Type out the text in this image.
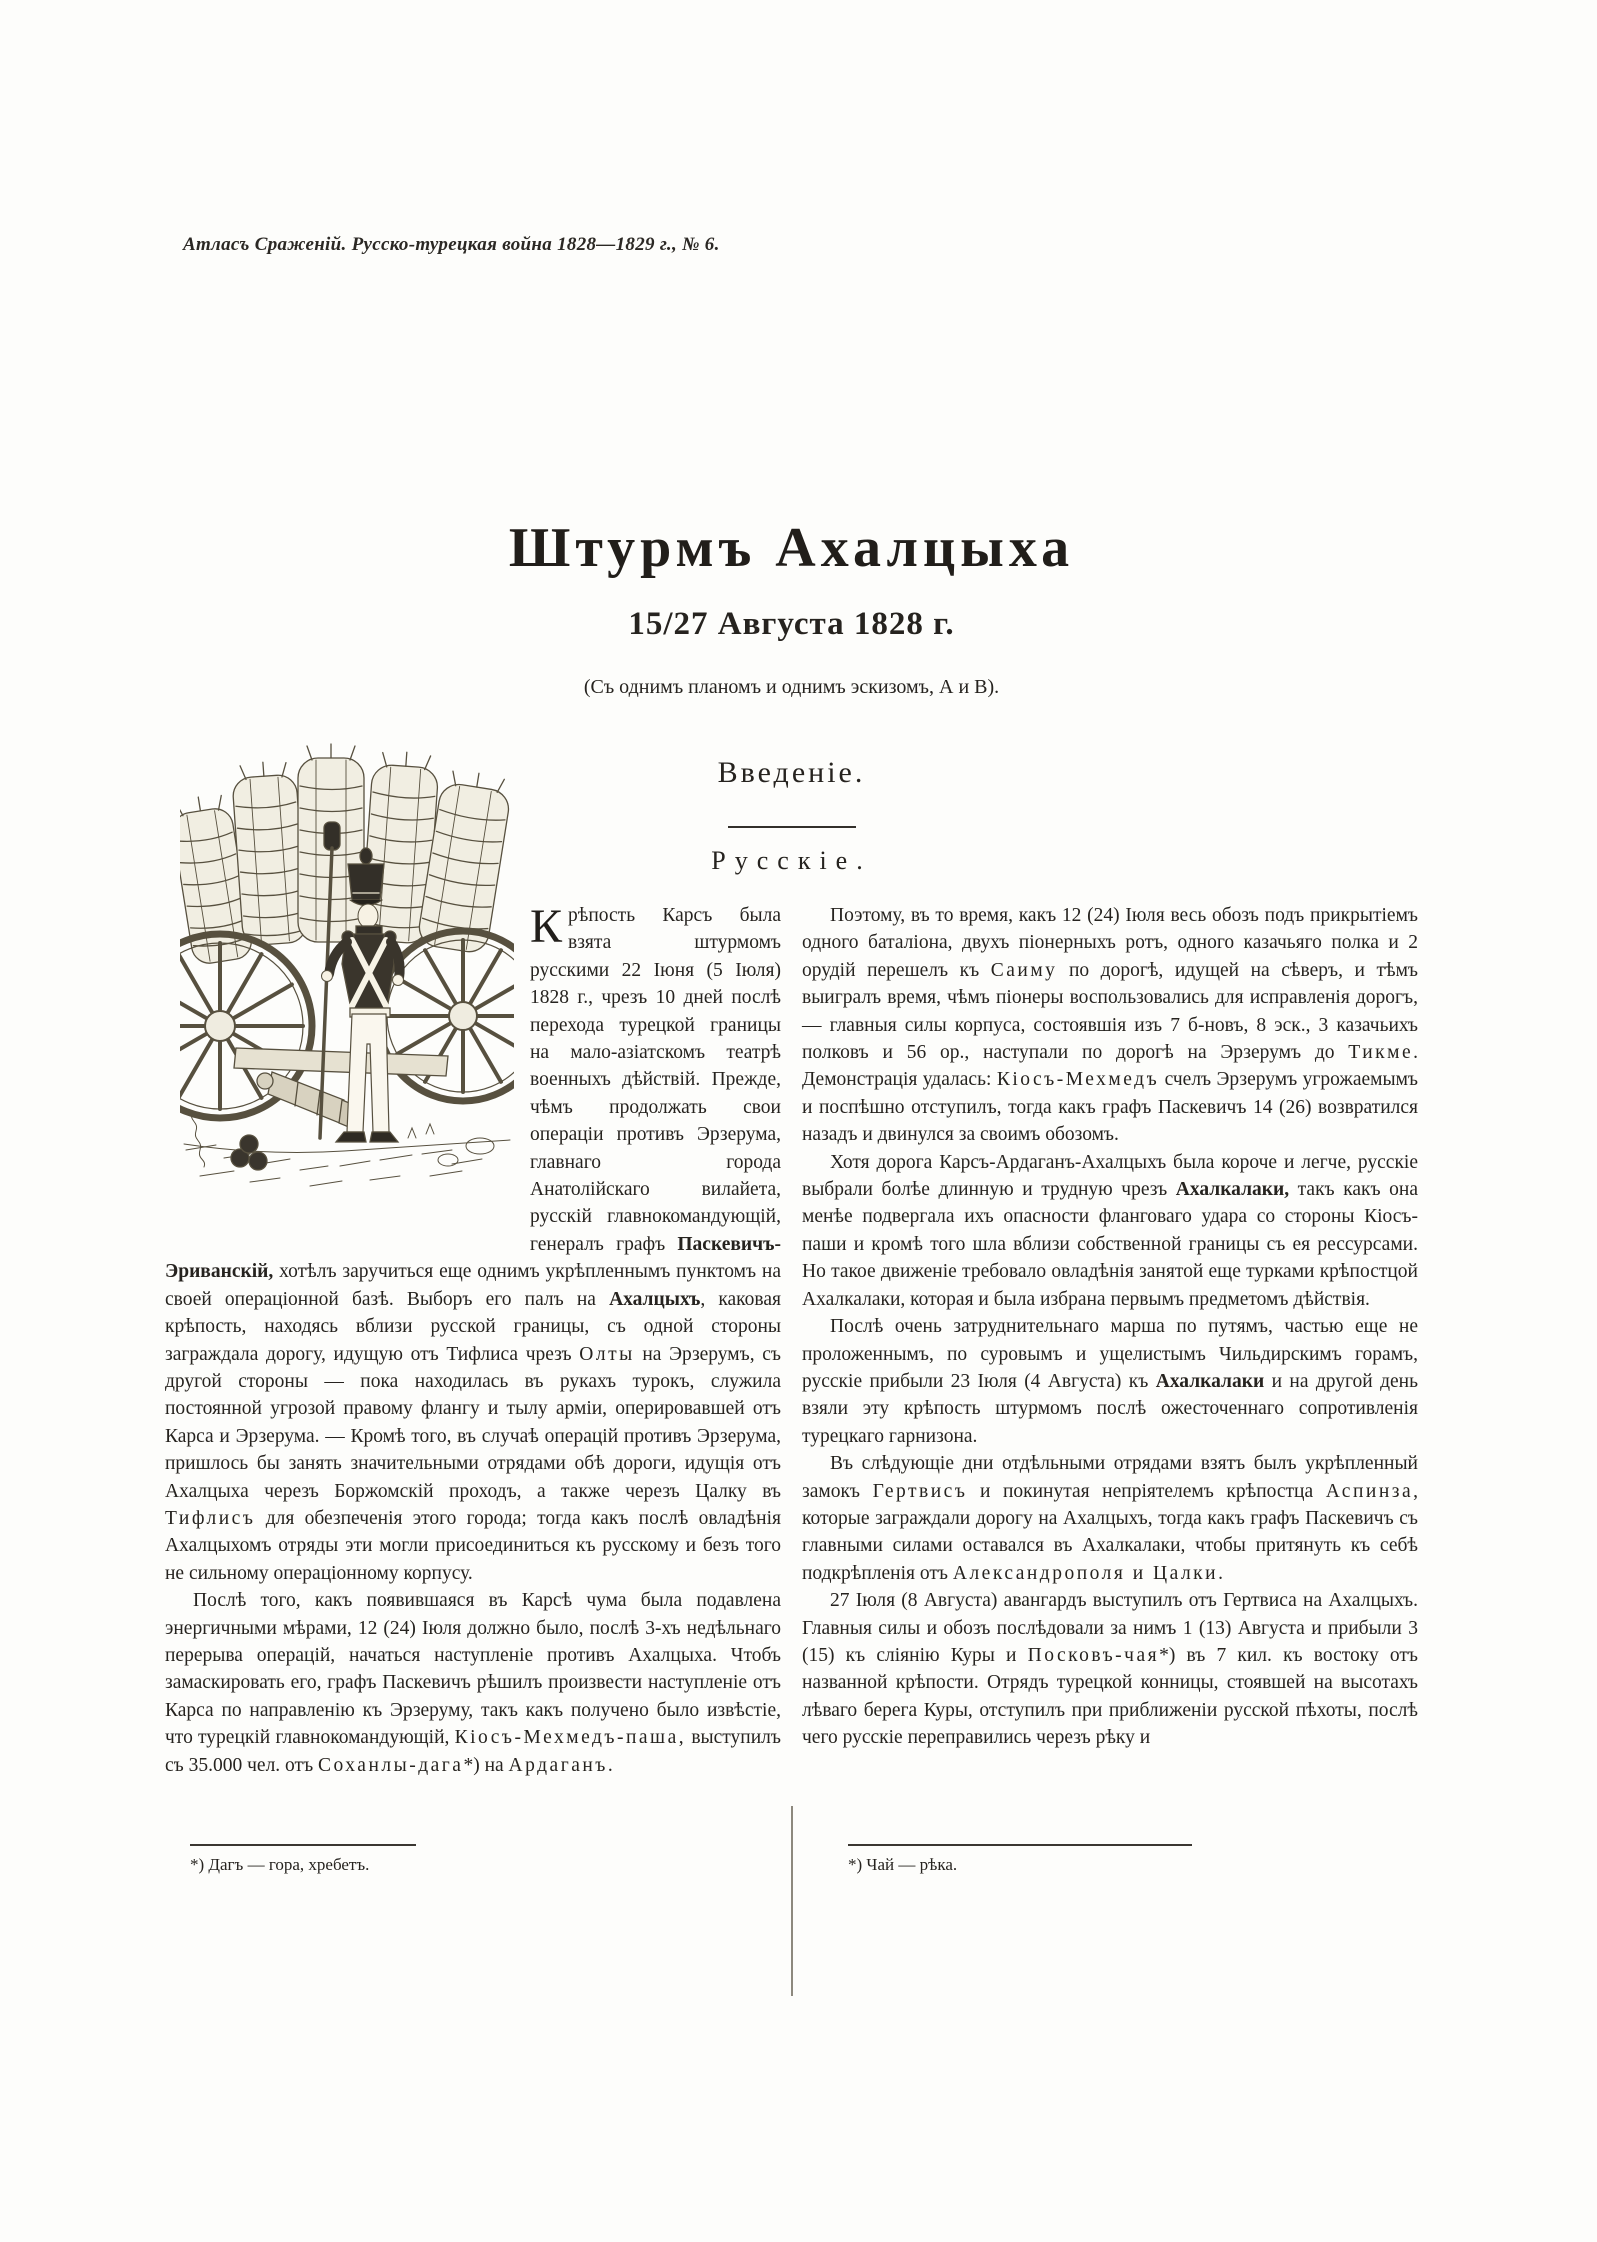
Атласъ Сраженій. Русско-турецкая война 1828—1829 г., № 6.
Штурмъ Ахалцыха
15/27 Августа 1828 г.
(Съ однимъ планомъ и однимъ эскизомъ, А и В).
Введеніе.
Русскіе.

К рѣпость Карсъ была взята штурмомъ русскими 22 Іюня (5 Іюля) 1828 г., чрезъ 10 дней послѣ перехода турецкой границы на мало-азіатскомъ театрѣ военныхъ дѣйствій. Прежде, чѣмъ продолжать свои операціи противъ Эрзерума, главнаго города Анатолійскаго вилайета, русскій главнокомандующій, генералъ графъ Паскевичъ-Эриванскій, хотѣлъ заручиться еще однимъ укрѣпленнымъ пунктомъ на своей операціонной базѣ. Выборъ его палъ на Ахалцыхъ, каковая крѣпость, находясь вблизи русской границы, съ одной стороны заграждала дорогу, идущую отъ Тифлиса чрезъ Олты на Эрзерумъ, съ другой стороны — пока находилась въ рукахъ турокъ, служила постоянной угрозой правому флангу и тылу арміи, оперировавшей отъ Карса и Эрзерума. — Кромѣ того, въ случаѣ операцій противъ Эрзерума, пришлось бы занять значительными отрядами обѣ дороги, идущія отъ Ахалцыха черезъ Боржомскій проходъ, а также черезъ Цалку въ Тифлисъ для обезпеченія этого города; тогда какъ послѣ овладѣнія Ахалцыхомъ отряды эти могли присоединиться къ русскому и безъ того не сильному операціонному корпусу.

Послѣ того, какъ появившаяся въ Карсѣ чума была подавлена энергичными мѣрами, 12 (24) Іюля должно было, послѣ 3-хъ недѣльнаго перерыва операцій, начаться наступленіе противъ Ахалцыха. Чтобъ замаскировать его, графъ Паскевичъ рѣшилъ произвести наступленіе отъ Карса по направленію къ Эрзеруму, такъ какъ получено было извѣстіе, что турецкій главнокомандующій, Кіосъ-Мехмедъ-паша, выступилъ съ 35.000 чел. отъ Соханлы-дага*) на Ардаганъ.

Поэтому, въ то время, какъ 12 (24) Іюля весь обозъ подъ прикрытіемъ одного баталіона, двухъ піонерныхъ ротъ, одного казачьяго полка и 2 орудій перешелъ къ Саиму по дорогѣ, идущей на сѣверъ, и тѣмъ выигралъ время, чѣмъ піонеры воспользовались для исправленія дорогъ, — главныя силы корпуса, состоявшія изъ 7 б-новъ, 8 эск., 3 казачьихъ полковъ и 56 ор., наступали по дорогѣ на Эрзерумъ до Тикме. Демонстрація удалась: Кіосъ-Мехмедъ счелъ Эрзерумъ угрожаемымъ и поспѣшно отступилъ, тогда какъ графъ Паскевичъ 14 (26) возвратился назадъ и двинулся за своимъ обозомъ.

Хотя дорога Карсъ-Ардаганъ-Ахалцыхъ была короче и легче, русскіе выбрали болѣе длинную и трудную чрезъ Ахалкалаки, такъ какъ она менѣе подвергала ихъ опасности фланговаго удара со стороны Кіосъ-паши и кромѣ того шла вблизи собственной границы съ ея рессурсами. Но такое движеніе требовало овладѣнія занятой еще турками крѣпостцой Ахалкалаки, которая и была избрана первымъ предметомъ дѣйствія.

Послѣ очень затруднительнаго марша по путямъ, частью еще не проложеннымъ, по суровымъ и ущелистымъ Чильдирскимъ горамъ, русскіе прибыли 23 Іюля (4 Августа) къ Ахалкалаки и на другой день взяли эту крѣпость штурмомъ послѣ ожесточеннаго сопротивленія турецкаго гарнизона.

Въ слѣдующіе дни отдѣльными отрядами взятъ былъ укрѣпленный замокъ Гертвисъ и покинутая непріятелемъ крѣпостца Аспинза, которые заграждали дорогу на Ахалцыхъ, тогда какъ графъ Паскевичъ съ главными силами оставался въ Ахалкалаки, чтобы притянуть къ себѣ подкрѣпленія отъ Александрополя и Цалки.

27 Іюля (8 Августа) авангардъ выступилъ отъ Гертвиса на Ахалцыхъ. Главныя силы и обозъ послѣдовали за нимъ 1 (13) Августа и прибыли 3 (15) къ сліянію Куры и Посковъ-чая*) въ 7 кил. къ востоку отъ названной крѣпости. Отрядъ турецкой конницы, стоявшей на высотахъ лѣваго берега Куры, отступилъ при приближеніи русской пѣхоты, послѣ чего русскіе переправились черезъ рѣку и

*) Дагъ — гора, хребетъ.	*) Чай — рѣка.
